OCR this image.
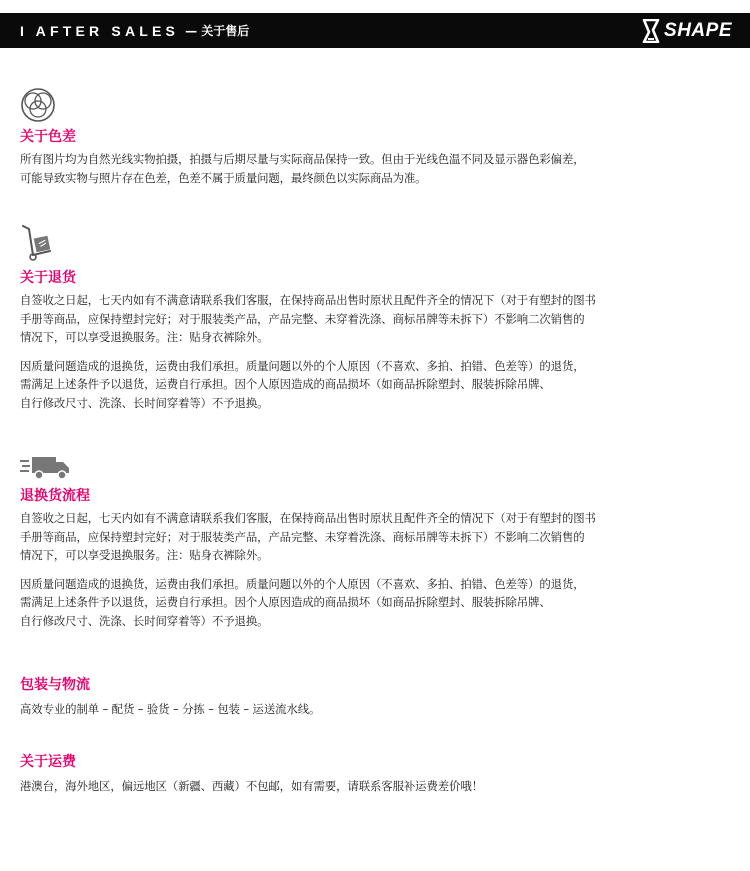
I AFTER SALES — 关于售后	SHAPE
关于色差
所有图片均为自然光线实物拍摄，拍摄与后期尽量与实际商品保持一致。但由于光线色温不同及显示器色彩偏差，
可能导致实物与照片存在色差，色差不属于质量问题，最终颜色以实际商品为准。
关于退货
自签收之日起，七天内如有不满意请联系我们客服，在保持商品出售时原状且配件齐全的情况下（对于有塑封的图书
手册等商品，应保持塑封完好；对于服装类产品，产品完整、未穿着洗涤、商标吊牌等未拆下）不影响二次销售的
情况下，可以享受退换服务。注：贴身衣裤除外。
因质量问题造成的退换货，运费由我们承担。质量问题以外的个人原因（不喜欢、多拍、拍错、色差等）的退货，
需满足上述条件予以退货，运费自行承担。因个人原因造成的商品损坏（如商品拆除塑封、服装拆除吊牌、
自行修改尺寸、洗涤、长时间穿着等）不予退换。
退换货流程
自签收之日起，七天内如有不满意请联系我们客服，在保持商品出售时原状且配件齐全的情况下（对于有塑封的图书
手册等商品，应保持塑封完好；对于服装类产品，产品完整、未穿着洗涤、商标吊牌等未拆下）不影响二次销售的
情况下，可以享受退换服务。注：贴身衣裤除外。
因质量问题造成的退换货，运费由我们承担。质量问题以外的个人原因（不喜欢、多拍、拍错、色差等）的退货，
需满足上述条件予以退货，运费自行承担。因个人原因造成的商品损坏（如商品拆除塑封、服装拆除吊牌、
自行修改尺寸、洗涤、长时间穿着等）不予退换。
包装与物流
高效专业的制单 – 配货 – 验货 – 分拣 – 包装 – 运送流水线。
关于运费
港澳台，海外地区，偏远地区（新疆、西藏）不包邮，如有需要，请联系客服补运费差价哦！
